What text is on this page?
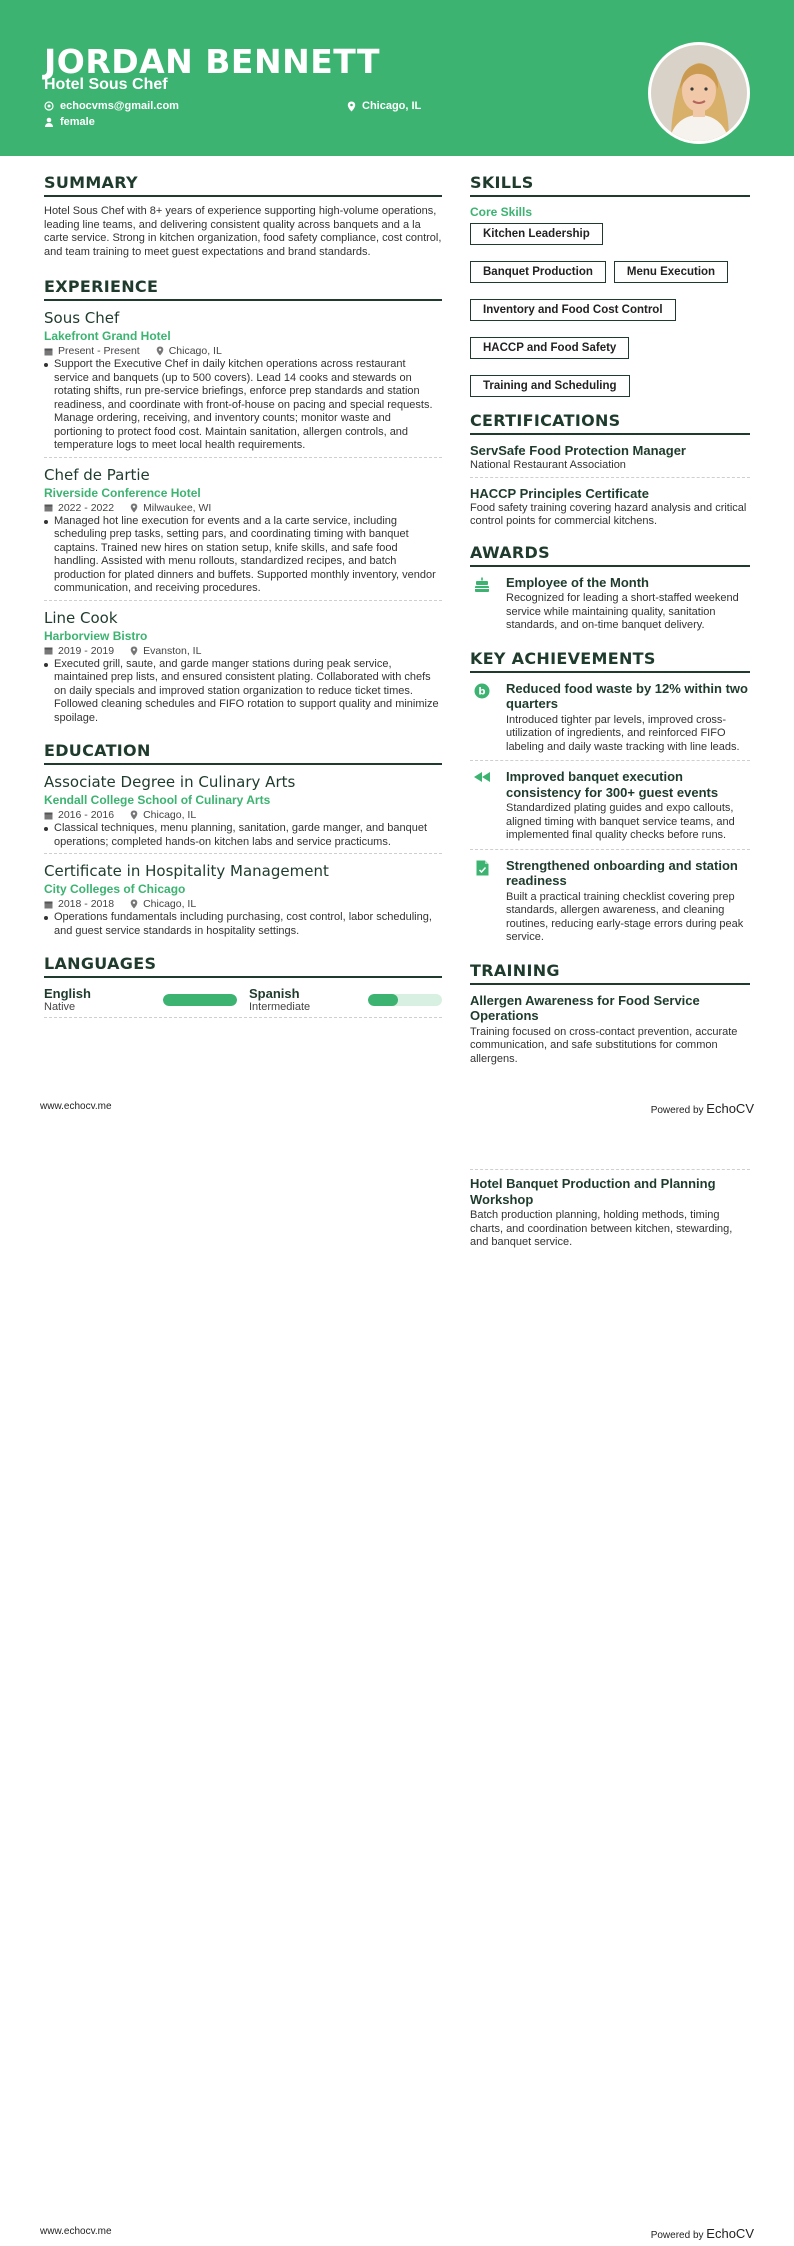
JORDAN BENNETT
Hotel Sous Chef
echocvms@gmail.com	Chicago, IL
female
SUMMARY
Hotel Sous Chef with 8+ years of experience supporting high-volume operations, leading line teams, and delivering consistent quality across banquets and a la carte service. Strong in kitchen organization, food safety compliance, cost control, and team training to meet guest expectations and brand standards.
EXPERIENCE
Sous Chef
Lakefront Grand Hotel
Present - Present	Chicago, IL
Support the Executive Chef in daily kitchen operations across restaurant service and banquets (up to 500 covers). Lead 14 cooks and stewards on rotating shifts, run pre-service briefings, enforce prep standards and station readiness, and coordinate with front-of-house on pacing and special requests. Manage ordering, receiving, and inventory counts; monitor waste and portioning to protect food cost. Maintain sanitation, allergen controls, and temperature logs to meet local health requirements.
Chef de Partie
Riverside Conference Hotel
2022 - 2022	Milwaukee, WI
Managed hot line execution for events and a la carte service, including scheduling prep tasks, setting pars, and coordinating timing with banquet captains. Trained new hires on station setup, knife skills, and safe food handling. Assisted with menu rollouts, standardized recipes, and batch production for plated dinners and buffets. Supported monthly inventory, vendor communication, and receiving procedures.
Line Cook
Harborview Bistro
2019 - 2019	Evanston, IL
Executed grill, saute, and garde manger stations during peak service, maintained prep lists, and ensured consistent plating. Collaborated with chefs on daily specials and improved station organization to reduce ticket times. Followed cleaning schedules and FIFO rotation to support quality and minimize spoilage.
EDUCATION
Associate Degree in Culinary Arts
Kendall College School of Culinary Arts
2016 - 2016	Chicago, IL
Classical techniques, menu planning, sanitation, garde manger, and banquet operations; completed hands-on kitchen labs and service practicums.
Certificate in Hospitality Management
City Colleges of Chicago
2018 - 2018	Chicago, IL
Operations fundamentals including purchasing, cost control, labor scheduling, and guest service standards in hospitality settings.
LANGUAGES
English
Native
Spanish
Intermediate
SKILLS
Core Skills
Kitchen Leadership
Banquet Production	Menu Execution
Inventory and Food Cost Control
HACCP and Food Safety
Training and Scheduling
CERTIFICATIONS
ServSafe Food Protection Manager
National Restaurant Association
HACCP Principles Certificate
Food safety training covering hazard analysis and critical control points for commercial kitchens.
AWARDS
Employee of the Month
Recognized for leading a short-staffed weekend service while maintaining quality, sanitation standards, and on-time banquet delivery.
KEY ACHIEVEMENTS
b Reduced food waste by 12% within two quarters
Introduced tighter par levels, improved cross-utilization of ingredients, and reinforced FIFO labeling and daily waste tracking with line leads.
Improved banquet execution consistency for 300+ guest events
Standardized plating guides and expo callouts, aligned timing with banquet service teams, and implemented final quality checks before runs.
Strengthened onboarding and station readiness
Built a practical training checklist covering prep standards, allergen awareness, and cleaning routines, reducing early-stage errors during peak service.
TRAINING
Allergen Awareness for Food Service Operations
Training focused on cross-contact prevention, accurate communication, and safe substitutions for common allergens.
www.echocv.me	Powered by EchoCV
Hotel Banquet Production and Planning Workshop
Batch production planning, holding methods, timing charts, and coordination between kitchen, stewarding, and banquet service.
www.echocv.me	Powered by EchoCV
